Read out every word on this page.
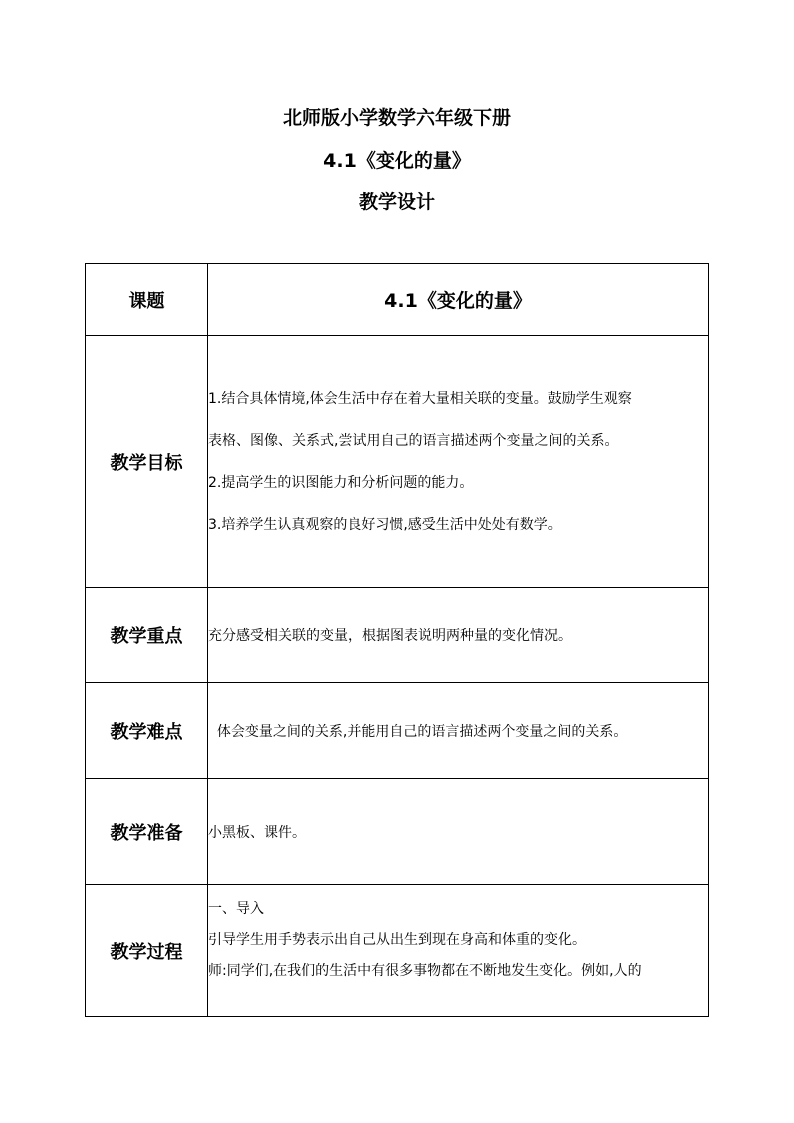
北师版小学数学六年级下册
4.1《变化的量》
教学设计
课题	4.1《变化的量》
教学目标	1.结合具体情境,体会生活中存在着大量相关联的变量。鼓励学生观察

表格、图像、关系式,尝试用自己的语言描述两个变量之间的关系。

2.提高学生的识图能力和分析问题的能力。

3.培养学生认真观察的良好习惯,感受生活中处处有数学。

教学重点	充分感受相关联的变量，根据图表说明两种量的变化情况。
教学难点	体会变量之间的关系,并能用自己的语言描述两个变量之间的关系。
教学准备	小黑板、课件。
教学过程	一、导入

引导学生用手势表示出自己从出生到现在身高和体重的变化。

师:同学们,在我们的生活中有很多事物都在不断地发生变化。例如,人的
